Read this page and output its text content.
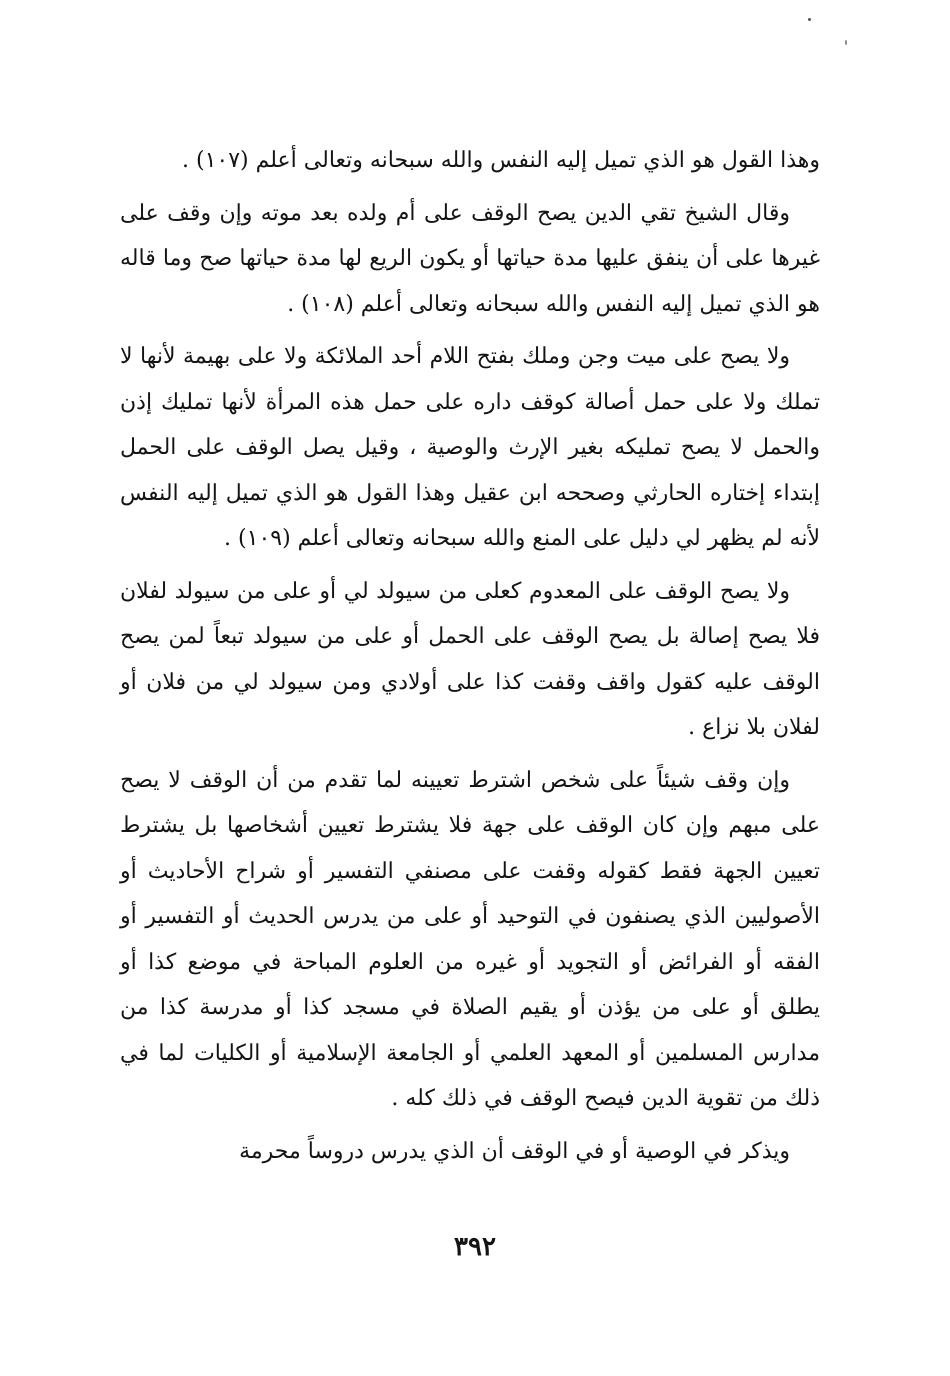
وهذا القول هو الذي تميل إليه النفس والله سبحانه وتعالى أعلم (١٠٧) .

وقال الشيخ تقي الدين يصح الوقف على أم ولده بعد موته وإن وقف على غيرها على أن ينفق عليها مدة حياتها أو يكون الريع لها مدة حياتها صح وما قاله هو الذي تميل إليه النفس والله سبحانه وتعالى أعلم (١٠٨) .

ولا يصح على ميت وجن وملك بفتح اللام أحد الملائكة ولا على بهيمة لأنها لا تملك ولا على حمل أصالة كوقف داره على حمل هذه المرأة لأنها تمليك إذن والحمل لا يصح تمليكه بغير الإرث والوصية ، وقيل يصل الوقف على الحمل إبتداء إختاره الحارثي وصححه ابن عقيل وهذا القول هو الذي تميل إليه النفس لأنه لم يظهر لي دليل على المنع والله سبحانه وتعالى أعلم (١٠٩) .

ولا يصح الوقف على المعدوم كعلى من سيولد لي أو على من سيولد لفلان فلا يصح إصالة بل يصح الوقف على الحمل أو على من سيولد تبعاً لمن يصح الوقف عليه كقول واقف وقفت كذا على أولادي ومن سيولد لي من فلان أو لفلان بلا نزاع .

وإن وقف شيئاً على شخص اشترط تعيينه لما تقدم من أن الوقف لا يصح على مبهم وإن كان الوقف على جهة فلا يشترط تعيين أشخاصها بل يشترط تعيين الجهة فقط كقوله وقفت على مصنفي التفسير أو شراح الأحاديث أو الأصوليين الذي يصنفون في التوحيد أو على من يدرس الحديث أو التفسير أو الفقه أو الفرائض أو التجويد أو غيره من العلوم المباحة في موضع كذا أو يطلق أو على من يؤذن أو يقيم الصلاة في مسجد كذا أو مدرسة كذا من مدارس المسلمين أو المعهد العلمي أو الجامعة الإسلامية أو الكليات لما في ذلك من تقوية الدين فيصح الوقف في ذلك كله .

ويذكر في الوصية أو في الوقف أن الذي يدرس دروساً محرمة

٣٩٢
